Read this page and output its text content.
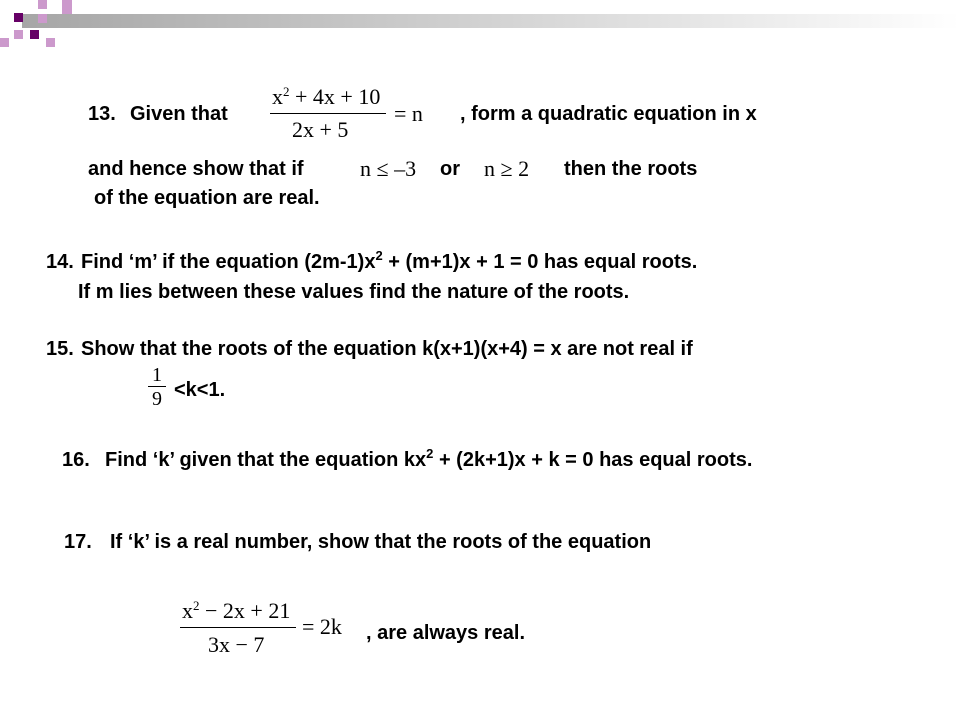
13. Given that
$x^2 + 4x + 10$
2x + 5
= n , form a quadratic equation in x
and hence show that if	n ≤ –3 or n ≥ 2 then the roots
of the equation are real.
14. Find ‘m’ if the equation $(2m-1)x^2 + (m+1)x + 1 = 0$ has equal roots.
If m lies between these values find the nature of the roots.
15. Show that the roots of the equation k(x+1)(x+4) = x are not real if
1
9 <k<1.
16. Find ‘k’ given that the equation $kx^2 + (2k+1)x + k = 0$ has equal roots.
17. If ‘k’ is a real number, show that the roots of the equation
$x^2 - 2x + 21$
3x − 7
= 2k , are always real.
